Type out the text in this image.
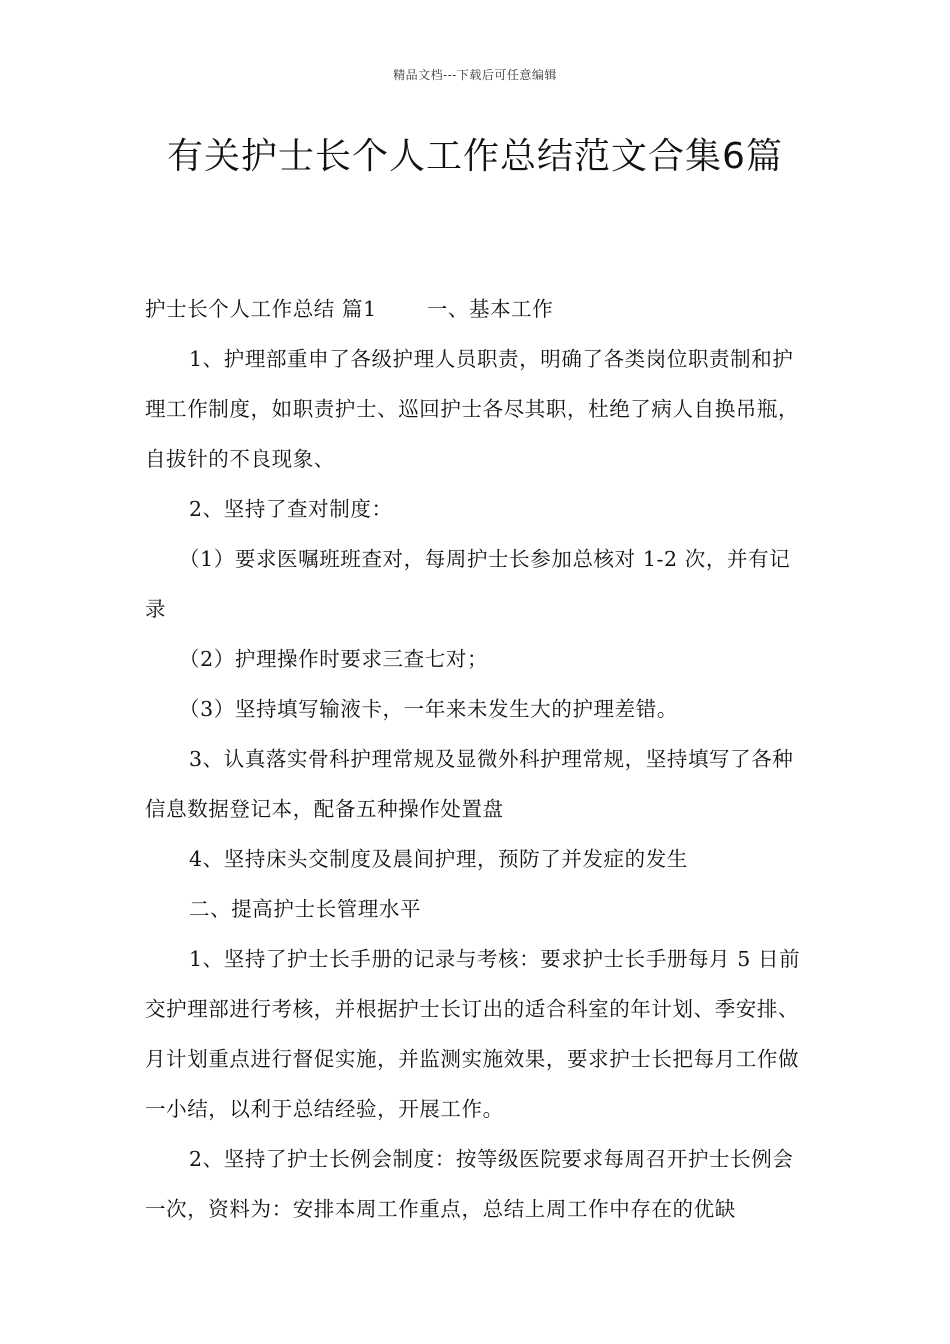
精品文档---下载后可任意编辑
有关护士长个人工作总结范文合集6篇

护士长个人工作总结 篇1 一、基本工作

1、护理部重申了各级护理人员职责，明确了各类岗位职责制和护理工作制度，如职责护士、巡回护士各尽其职，杜绝了病人自换吊瓶，自拔针的不良现象、

2、坚持了查对制度：

（1）要求医嘱班班查对，每周护士长参加总核对 1-2 次，并有记录

（2）护理操作时要求三查七对；

（3）坚持填写输液卡，一年来未发生大的护理差错。

3、认真落实骨科护理常规及显微外科护理常规，坚持填写了各种信息数据登记本，配备五种操作处置盘

4、坚持床头交制度及晨间护理，预防了并发症的发生

二、提高护士长管理水平

1、坚持了护士长手册的记录与考核：要求护士长手册每月 5 日前交护理部进行考核，并根据护士长订出的适合科室的年计划、季安排、月计划重点进行督促实施，并监测实施效果，要求护士长把每月工作做一小结，以利于总结经验，开展工作。

2、坚持了护士长例会制度：按等级医院要求每周召开护士长例会一次，资料为：安排本周工作重点，总结上周工作中存在的优缺
